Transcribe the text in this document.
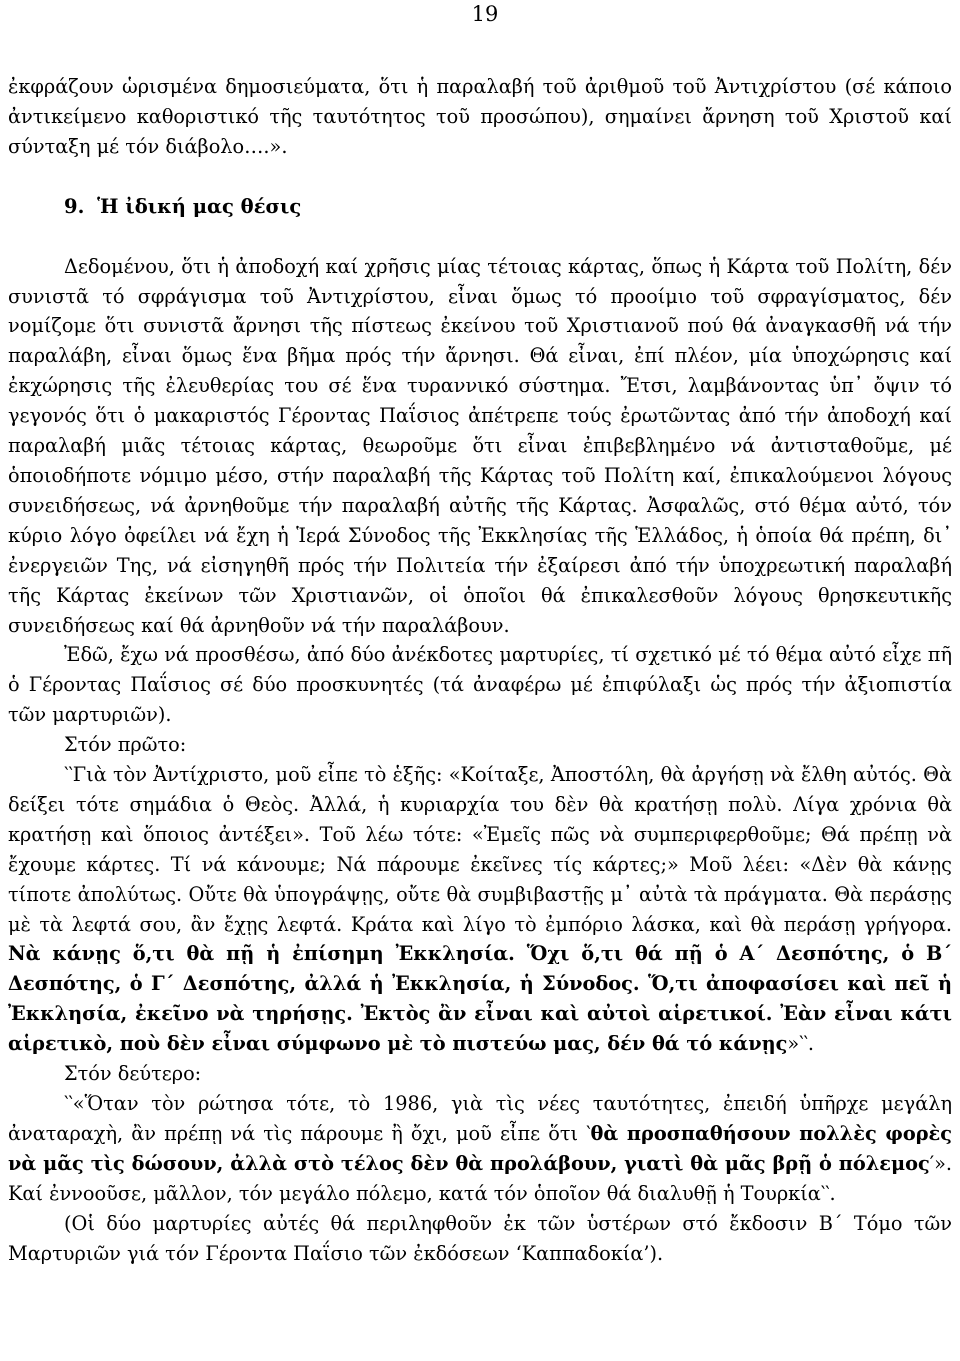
19

ἐκφράζουν ὡρισμένα δημοσιεύματα, ὅτι ἡ παραλαβή τοῦ ἀριθμοῦ τοῦ Ἀντιχρίστου (σέ κάποιο ἀντικείμενο καθοριστικό τῆς ταυτότητος τοῦ προσώπου), σημαίνει ἄρνηση τοῦ Χριστοῦ καί σύνταξη μέ τόν διάβολο….».

9. Ἡ ἰδική μας θέσις

Δεδομένου, ὅτι ἡ ἀποδοχή καί χρῆσις μίας τέτοιας κάρτας, ὅπως ἡ Κάρτα τοῦ Πολίτη, δέν συνιστᾶ τό σφράγισμα τοῦ Ἀντιχρίστου, εἶναι ὅμως τό προοίμιο τοῦ σφραγίσματος, δέν νομίζομε ὅτι συνιστᾶ ἄρνησι τῆς πίστεως ἐκείνου τοῦ Χριστιανοῦ πού θά ἀναγκασθῆ νά τήν παραλάβη, εἶναι ὅμως ἕνα βῆμα πρός τήν ἄρνησι. Θά εἶναι, ἐπί πλέον, μία ὑποχώρησις καί ἐκχώρησις τῆς ἐλευθερίας του σέ ἕνα τυραννικό σύστημα. Ἔτσι, λαμβάνοντας ὑπ᾽ ὄψιν τό γεγονός ὅτι ὁ μακαριστός Γέροντας Παΐσιος ἀπέτρεπε τούς ἐρωτῶντας ἀπό τήν ἀποδοχή καί παραλαβή μιᾶς τέτοιας κάρτας, θεωροῦμε ὅτι εἶναι ἐπιβεβλημένο νά ἀντισταθοῦμε, μέ ὁποιοδήποτε νόμιμο μέσο, στήν παραλαβή τῆς Κάρτας τοῦ Πολίτη καί, ἐπικαλούμενοι λόγους συνειδήσεως, νά ἀρνηθοῦμε τήν παραλαβή αὐτῆς τῆς Κάρτας. Ἀσφαλῶς, στό θέμα αὐτό, τόν κύριο λόγο ὀφείλει νά ἔχη ἡ Ἱερά Σύνοδος τῆς Ἐκκλησίας τῆς Ἑλλάδος, ἡ ὁποία θά πρέπη, δι᾽ ἐνεργειῶν Της, νά εἰσηγηθῆ πρός τήν Πολιτεία τήν ἐξαίρεσι ἀπό τήν ὑποχρεωτική παραλαβή τῆς Κάρτας ἐκείνων τῶν Χριστιανῶν, οἱ ὁποῖοι θά ἐπικαλεσθοῦν λόγους θρησκευτικῆς συνειδήσεως καί θά ἀρνηθοῦν νά τήν παραλάβουν.

Ἐδῶ, ἔχω νά προσθέσω, ἀπό δύο ἀνέκδοτες μαρτυρίες, τί σχετικό μέ τό θέμα αὐτό εἶχε πῆ ὁ Γέροντας Παΐσιος σέ δύο προσκυνητές (τά ἀναφέρω μέ ἐπιφύλαξι ὡς πρός τήν ἀξιοπιστία τῶν μαρτυριῶν).

Στόν πρῶτο:

‵‵Γιὰ τὸν Ἀντίχριστο, μοῦ εἶπε τὸ ἑξῆς: «Κοίταξε, Ἀποστόλη, θὰ ἀργήσῃ νὰ ἔλθη αὐτός. Θὰ δείξει τότε σημάδια ὁ Θεὸς. Ἀλλά, ἡ κυριαρχία του δὲν θὰ κρατήσῃ πολὺ. Λίγα χρόνια θὰ κρατήσῃ καὶ ὅποιος ἀντέξει». Τοῦ λέω τότε: «Ἐμεῖς πῶς νὰ συμπεριφερθοῦμε; Θά πρέπῃ νὰ ἔχουμε κάρτες. Τί νά κάνουμε; Νά πάρουμε ἐκεῖνες τίς κάρτες;» Μοῦ λέει: «Δὲν θὰ κάνῃς τίποτε ἀπολύτως. Οὔτε θὰ ὑπογράψῃς, οὔτε θὰ συμβιβαστῇς μ᾽ αὐτὰ τὰ πράγματα. Θὰ περάσῃς μὲ τὰ λεφτά σου, ἂν ἔχῃς λεφτά. Κράτα καὶ λίγο τὸ ἐμπόριο λάσκα, καὶ θὰ περάσῃ γρήγορα. Νὰ κάνῃς ὅ,τι θὰ πῇ ἡ ἐπίσημη Ἐκκλησία. Ὅχι ὅ,τι θά πῇ ὁ Α΄ Δεσπότης, ὁ Β΄ Δεσπότης, ὁ Γ΄ Δεσπότης, ἀλλά ἡ Ἐκκλησία, ἡ Σύνοδος. Ὅ,τι ἀποφασίσει καὶ πεῖ ἡ Ἐκκλησία, ἐκεῖνο νὰ τηρήσῃς. Ἐκτὸς ἂν εἶναι καὶ αὐτοὶ αἱρετικοί. Ἐὰν εἶναι κάτι αἱρετικὸ, ποὺ δὲν εἶναι σύμφωνο μὲ τὸ πιστεύω μας, δέν θά τό κάνῃς»‵‵.

Στόν δεύτερο:

‵‵«Ὅταν τὸν ρώτησα τότε, τὸ 1986, γιὰ τὶς νέες ταυτότητες, ἐπειδή ὑπῆρχε μεγάλη ἀναταραχὴ, ἂν πρέπῃ νά τὶς πάρουμε ἢ ὄχι, μοῦ εἶπε ὅτι ‵θὰ προσπαθήσουν πολλὲς φορὲς νὰ μᾶς τὶς δώσουν, ἀλλὰ στὸ τέλος δὲν θὰ προλάβουν, γιατὶ θὰ μᾶς βρῇ ὁ πόλεμος′». Καί ἐννοοῦσε, μᾶλλον, τόν μεγάλο πόλεμο, κατά τόν ὁποῖον θά διαλυθῇ ἡ Τουρκία‵‵.

(Οἱ δύο μαρτυρίες αὐτές θά περιληφθοῦν ἐκ τῶν ὑστέρων στό ἔκδοσιν Β΄ Τόμο τῶν Μαρτυριῶν γιά τόν Γέροντα Παΐσιο τῶν ἐκδόσεων ‘Καππαδοκία’).
